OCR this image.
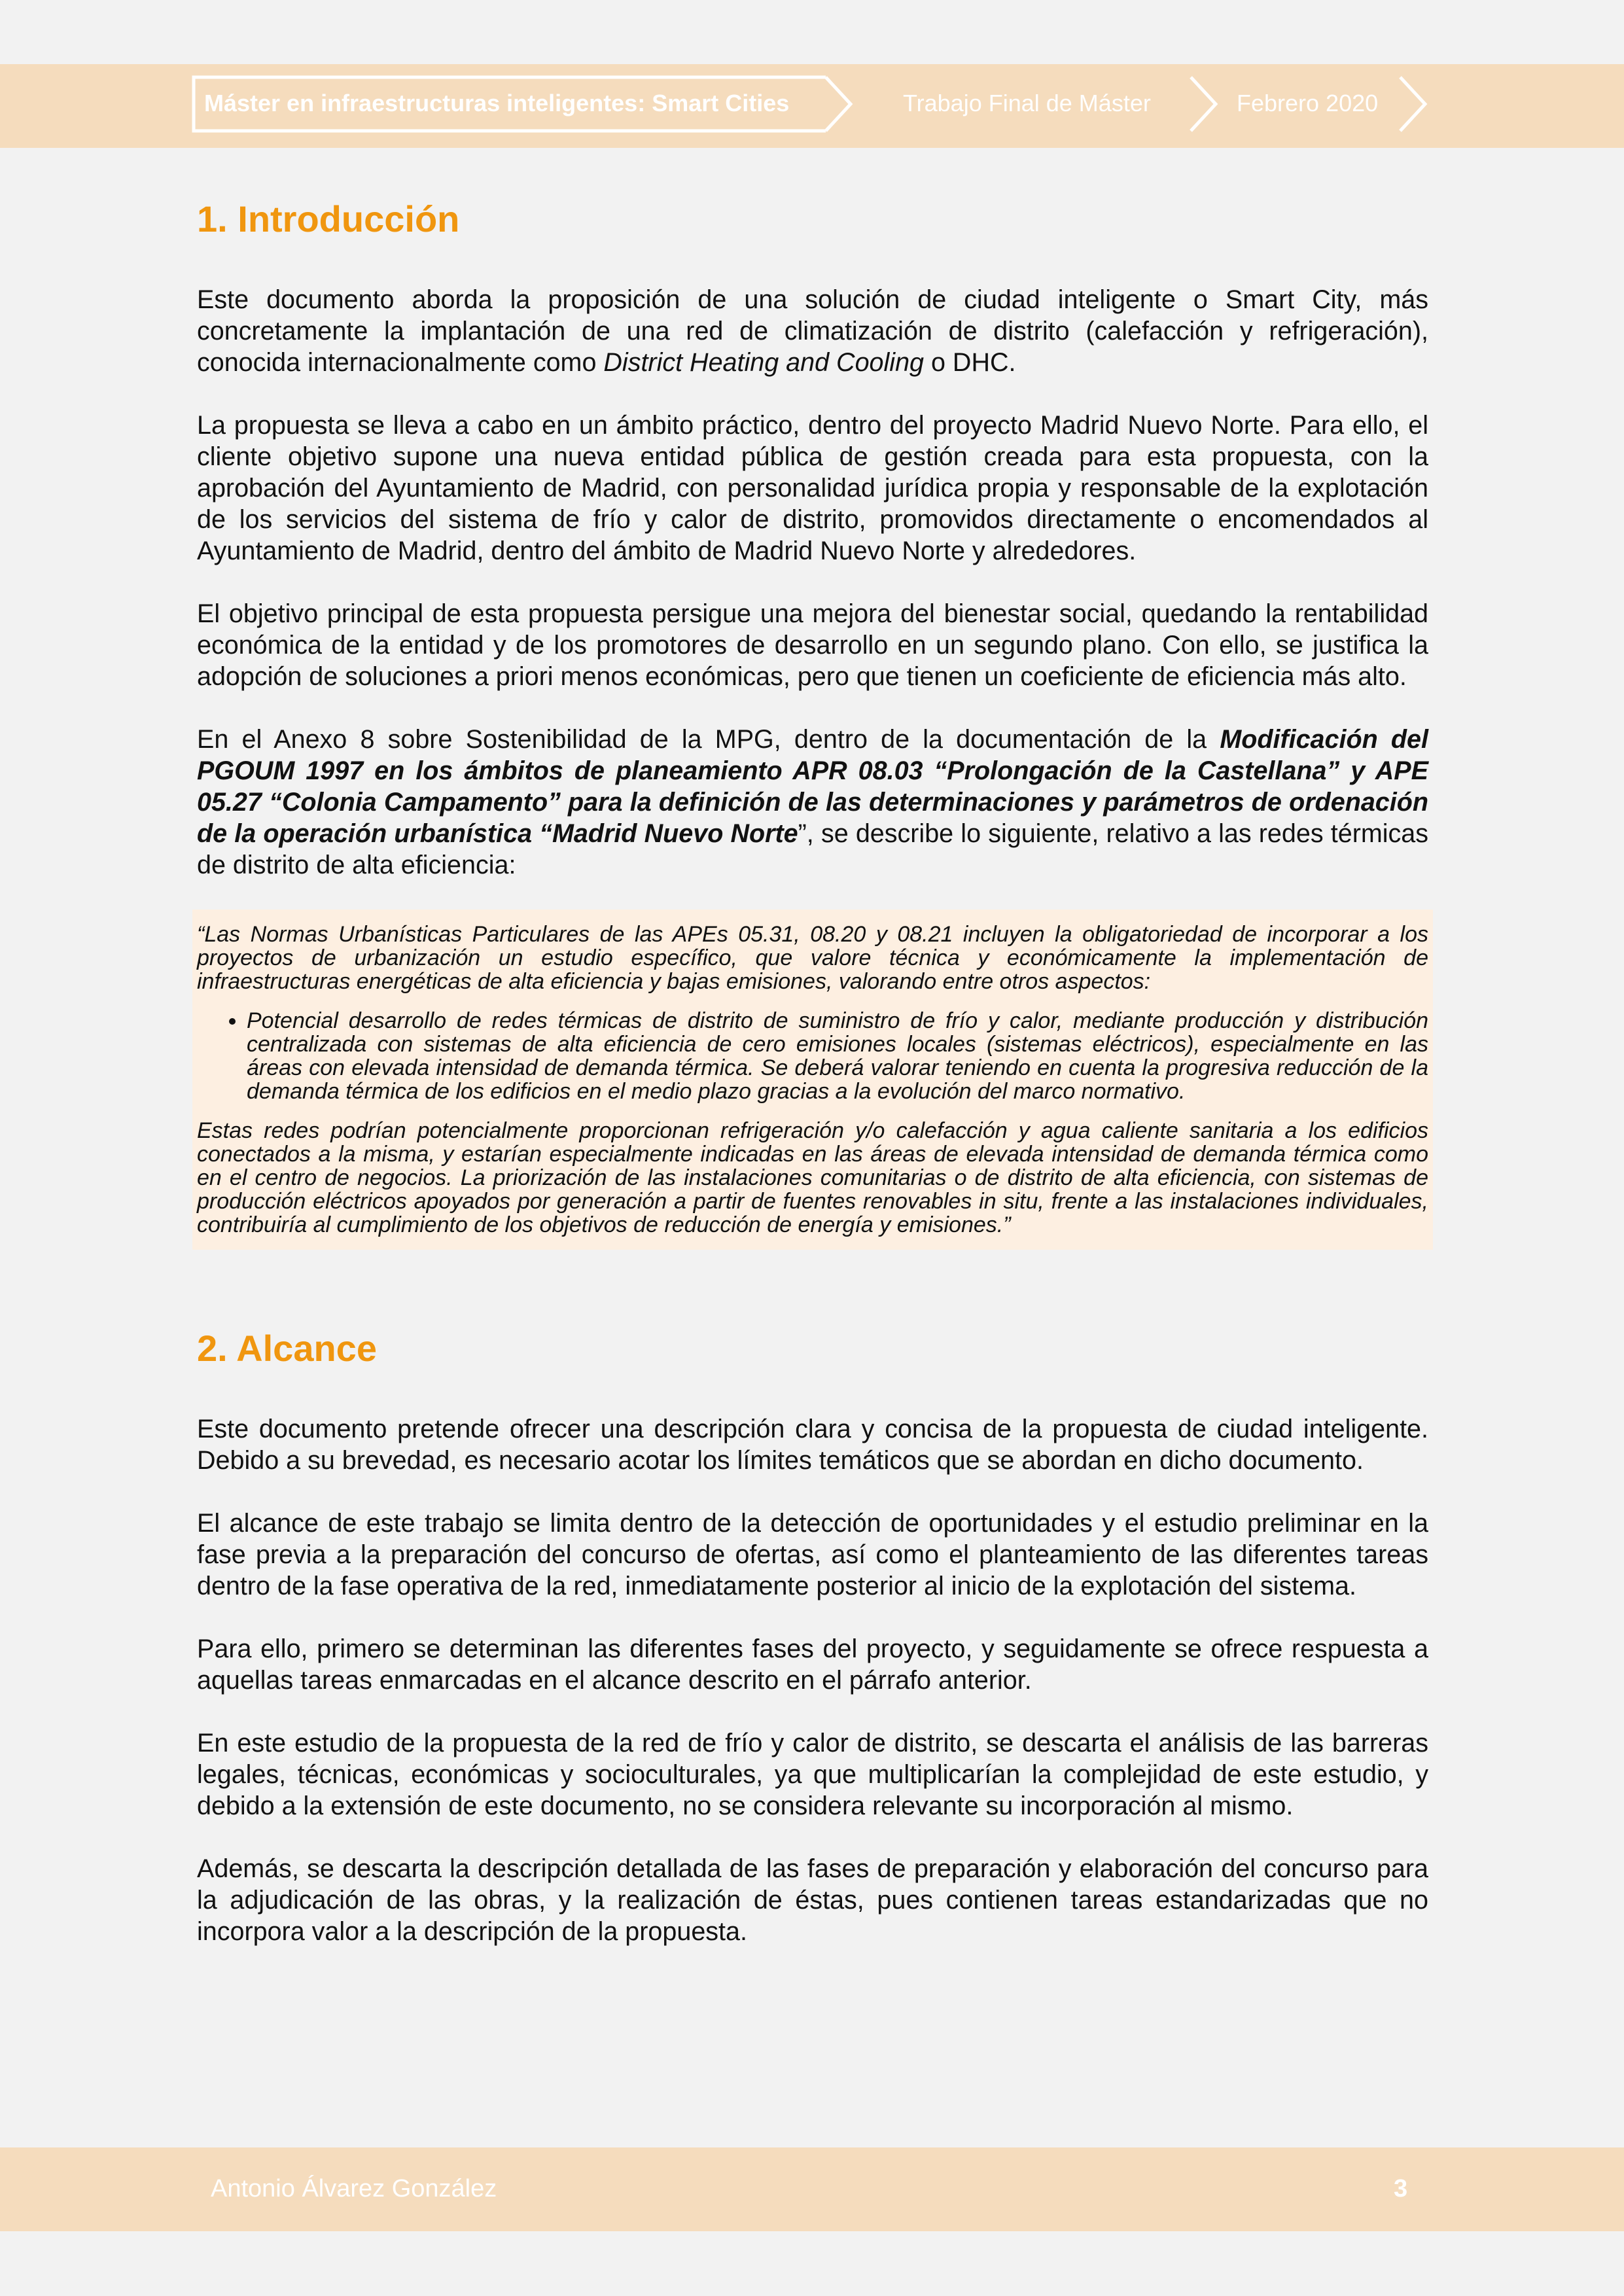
Máster en infraestructuras inteligentes: Smart Cities	Trabajo Final de Máster	Febrero 2020
1. Introducción

Este documento aborda la proposición de una solución de ciudad inteligente o Smart City, más concretamente la implantación de una red de climatización de distrito (calefacción y refrigeración), conocida internacionalmente como District Heating and Cooling o DHC.

La propuesta se lleva a cabo en un ámbito práctico, dentro del proyecto Madrid Nuevo Norte. Para ello, el cliente objetivo supone una nueva entidad pública de gestión creada para esta propuesta, con la aprobación del Ayuntamiento de Madrid, con personalidad jurídica propia y responsable de la explotación de los servicios del sistema de frío y calor de distrito, promovidos directamente o encomendados al Ayuntamiento de Madrid, dentro del ámbito de Madrid Nuevo Norte y alrededores.

El objetivo principal de esta propuesta persigue una mejora del bienestar social, quedando la rentabilidad económica de la entidad y de los promotores de desarrollo en un segundo plano. Con ello, se justifica la adopción de soluciones a priori menos económicas, pero que tienen un coeficiente de eficiencia más alto.

En el Anexo 8 sobre Sostenibilidad de la MPG, dentro de la documentación de la Modificación del PGOUM 1997 en los ámbitos de planeamiento APR 08.03 “Prolongación de la Castellana” y APE 05.27 “Colonia Campamento” para la definición de las determinaciones y parámetros de ordenación de la operación urbanística “Madrid Nuevo Norte”, se describe lo siguiente, relativo a las redes térmicas de distrito de alta eficiencia:

“Las Normas Urbanísticas Particulares de las APEs 05.31, 08.20 y 08.21 incluyen la obligatoriedad de incorporar a los proyectos de urbanización un estudio específico, que valore técnica y económicamente la implementación de infraestructuras energéticas de alta eficiencia y bajas emisiones, valorando entre otros aspectos:

• Potencial desarrollo de redes térmicas de distrito de suministro de frío y calor, mediante producción y distribución centralizada con sistemas de alta eficiencia de cero emisiones locales (sistemas eléctricos), especialmente en las áreas con elevada intensidad de demanda térmica. Se deberá valorar teniendo en cuenta la progresiva reducción de la demanda térmica de los edificios en el medio plazo gracias a la evolución del marco normativo.

Estas redes podrían potencialmente proporcionan refrigeración y/o calefacción y agua caliente sanitaria a los edificios conectados a la misma, y estarían especialmente indicadas en las áreas de elevada intensidad de demanda térmica como en el centro de negocios. La priorización de las instalaciones comunitarias o de distrito de alta eficiencia, con sistemas de producción eléctricos apoyados por generación a partir de fuentes renovables in situ, frente a las instalaciones individuales, contribuiría al cumplimiento de los objetivos de reducción de energía y emisiones.”

2. Alcance

Este documento pretende ofrecer una descripción clara y concisa de la propuesta de ciudad inteligente. Debido a su brevedad, es necesario acotar los límites temáticos que se abordan en dicho documento.

El alcance de este trabajo se limita dentro de la detección de oportunidades y el estudio preliminar en la fase previa a la preparación del concurso de ofertas, así como el planteamiento de las diferentes tareas dentro de la fase operativa de la red, inmediatamente posterior al inicio de la explotación del sistema.

Para ello, primero se determinan las diferentes fases del proyecto, y seguidamente se ofrece respuesta a aquellas tareas enmarcadas en el alcance descrito en el párrafo anterior.

En este estudio de la propuesta de la red de frío y calor de distrito, se descarta el análisis de las barreras legales, técnicas, económicas y socioculturales, ya que multiplicarían la complejidad de este estudio, y debido a la extensión de este documento, no se considera relevante su incorporación al mismo.

Además, se descarta la descripción detallada de las fases de preparación y elaboración del concurso para la adjudicación de las obras, y la realización de éstas, pues contienen tareas estandarizadas que no incorpora valor a la descripción de la propuesta.

Antonio Álvarez González	3
